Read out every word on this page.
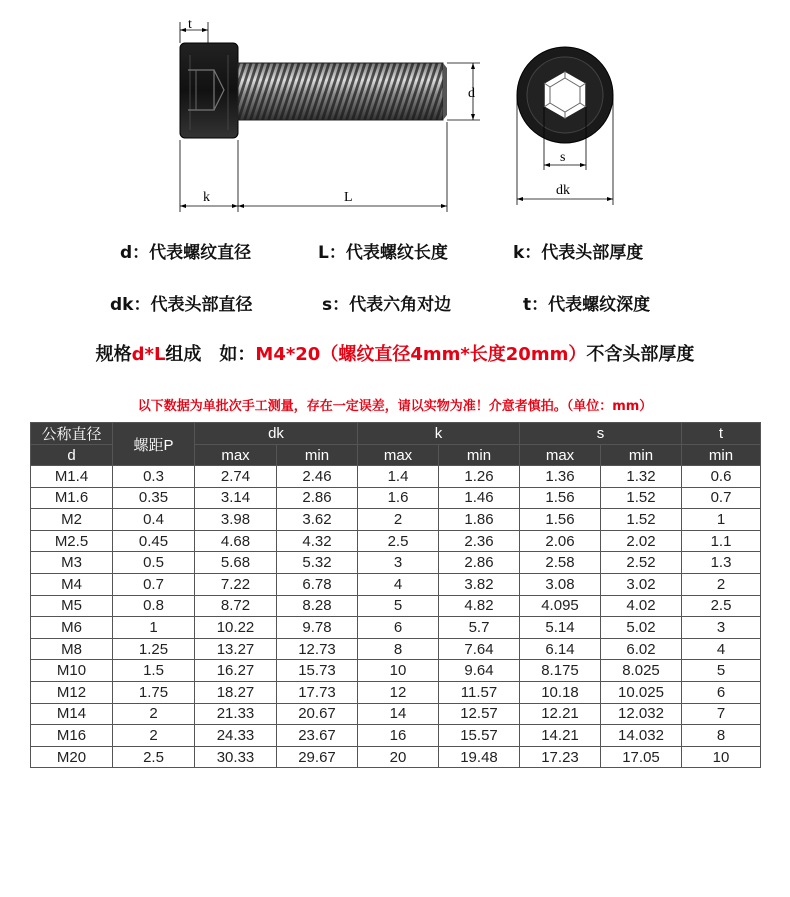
t
d
k	L
s
dk
d：代表螺纹直径	L：代表螺纹长度	k：代表头部厚度
dk：代表头部直径	s：代表六角对边	t：代表螺纹深度
规格d*L组成　如：M4*20（螺纹直径4mm*长度20mm）不含头部厚度
以下数据为单批次手工测量，存在一定误差，请以实物为准！介意者慎拍。（单位：mm）
公称直径	螺距P	dk		k		s		t
d		max	min	max	min	max	min	min
M1.4	0.3	2.74	2.46	1.4	1.26	1.36	1.32	0.6
M1.6	0.35	3.14	2.86	1.6	1.46	1.56	1.52	0.7
M2	0.4	3.98	3.62	2	1.86	1.56	1.52	1
M2.5	0.45	4.68	4.32	2.5	2.36	2.06	2.02	1.1
M3	0.5	5.68	5.32	3	2.86	2.58	2.52	1.3
M4	0.7	7.22	6.78	4	3.82	3.08	3.02	2
M5	0.8	8.72	8.28	5	4.82	4.095	4.02	2.5
M6	1	10.22	9.78	6	5.7	5.14	5.02	3
M8	1.25	13.27	12.73	8	7.64	6.14	6.02	4
M10	1.5	16.27	15.73	10	9.64	8.175	8.025	5
M12	1.75	18.27	17.73	12	11.57	10.18	10.025	6
M14	2	21.33	20.67	14	12.57	12.21	12.032	7
M16	2	24.33	23.67	16	15.57	14.21	14.032	8
M20	2.5	30.33	29.67	20	19.48	17.23	17.05	10
